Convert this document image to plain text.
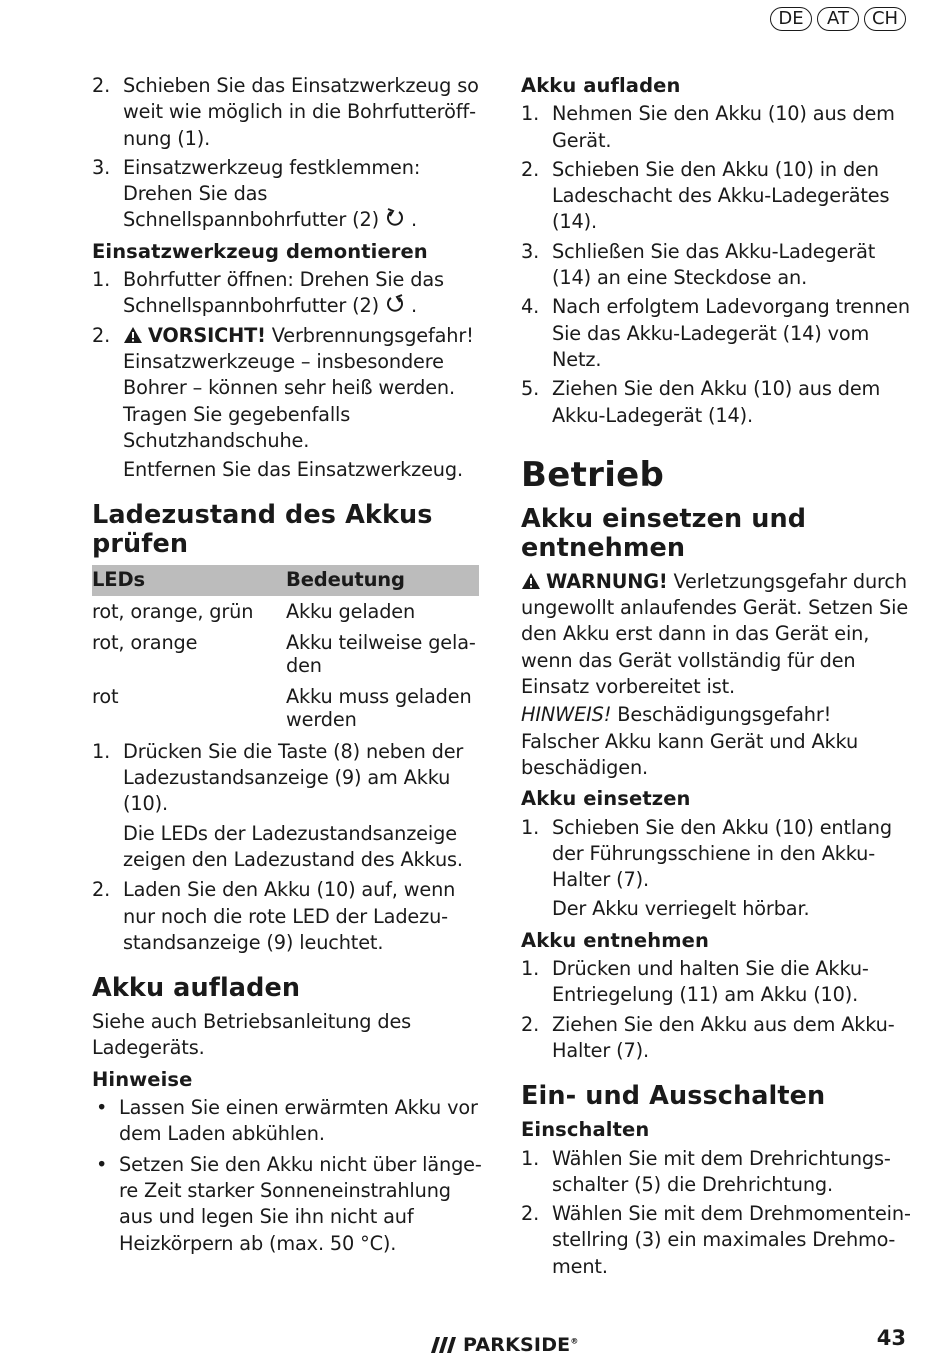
DE	AT	CH
2. Schieben Sie das Einsatzwerkzeug so weit wie möglich in die Bohrfutteröffnung (1).
3. Einsatzwerkzeug festklemmen: Drehen Sie das Schnellspannbohrfutter (2)  .
Einsatzwerkzeug demontieren
1. Bohrfutter öffnen: Drehen Sie das Schnellspannbohrfutter (2)  .
2.	VORSICHT! Verbrennungsgefahr! Einsatzwerkzeuge – insbesondere Bohrer – können sehr heiß werden. Tragen Sie gegebenfalls Schutzhandschuhe.
Entfernen Sie das Einsatzwerkzeug.
Ladezustand des Akkus prüfen
LEDs	Bedeutung
rot, orange, grün	Akku geladen
rot, orange	Akku teilweise geladen
rot	Akku muss geladen werden
1. Drücken Sie die Taste (8) neben der Ladezustandsanzeige (9) am Akku (10).
Die LEDs der Ladezustandsanzeige zeigen den Ladezustand des Akkus.
2. Laden Sie den Akku (10) auf, wenn nur noch die rote LED der Ladezustandsanzeige (9) leuchtet.
Akku aufladen
Siehe auch Betriebsanleitung des Ladegeräts.
Hinweise
• Lassen Sie einen erwärmten Akku vor dem Laden abkühlen.
• Setzen Sie den Akku nicht über längere Zeit starker Sonneneinstrahlung aus und legen Sie ihn nicht auf Heizkörpern ab (max. 50 °C).
Akku aufladen
1. Nehmen Sie den Akku (10) aus dem Gerät.
2. Schieben Sie den Akku (10) in den Ladeschacht des Akku-Ladegerätes (14).
3. Schließen Sie das Akku-Ladegerät (14) an eine Steckdose an.
4. Nach erfolgtem Ladevorgang trennen Sie das Akku-Ladegerät (14) vom Netz.
5. Ziehen Sie den Akku (10) aus dem Akku-Ladegerät (14).
Betrieb
Akku einsetzen und entnehmen
WARNUNG! Verletzungsgefahr durch ungewollt anlaufendes Gerät. Setzen Sie den Akku erst dann in das Gerät ein, wenn das Gerät vollständig für den Einsatz vorbereitet ist.
HINWEIS! Beschädigungsgefahr! Falscher Akku kann Gerät und Akku beschädigen.
Akku einsetzen
1. Schieben Sie den Akku (10) entlang der Führungsschiene in den Akku-Halter (7).
Der Akku verriegelt hörbar.
Akku entnehmen
1. Drücken und halten Sie die Akku-Entriegelung (11) am Akku (10).
2. Ziehen Sie den Akku aus dem Akku-Halter (7).
Ein- und Ausschalten
Einschalten
1. Wählen Sie mit dem Drehrichtungsschalter (5) die Drehrichtung.
2. Wählen Sie mit dem Drehmomenteinstellring (3) ein maximales Drehmoment.
PARKSIDE®	43
